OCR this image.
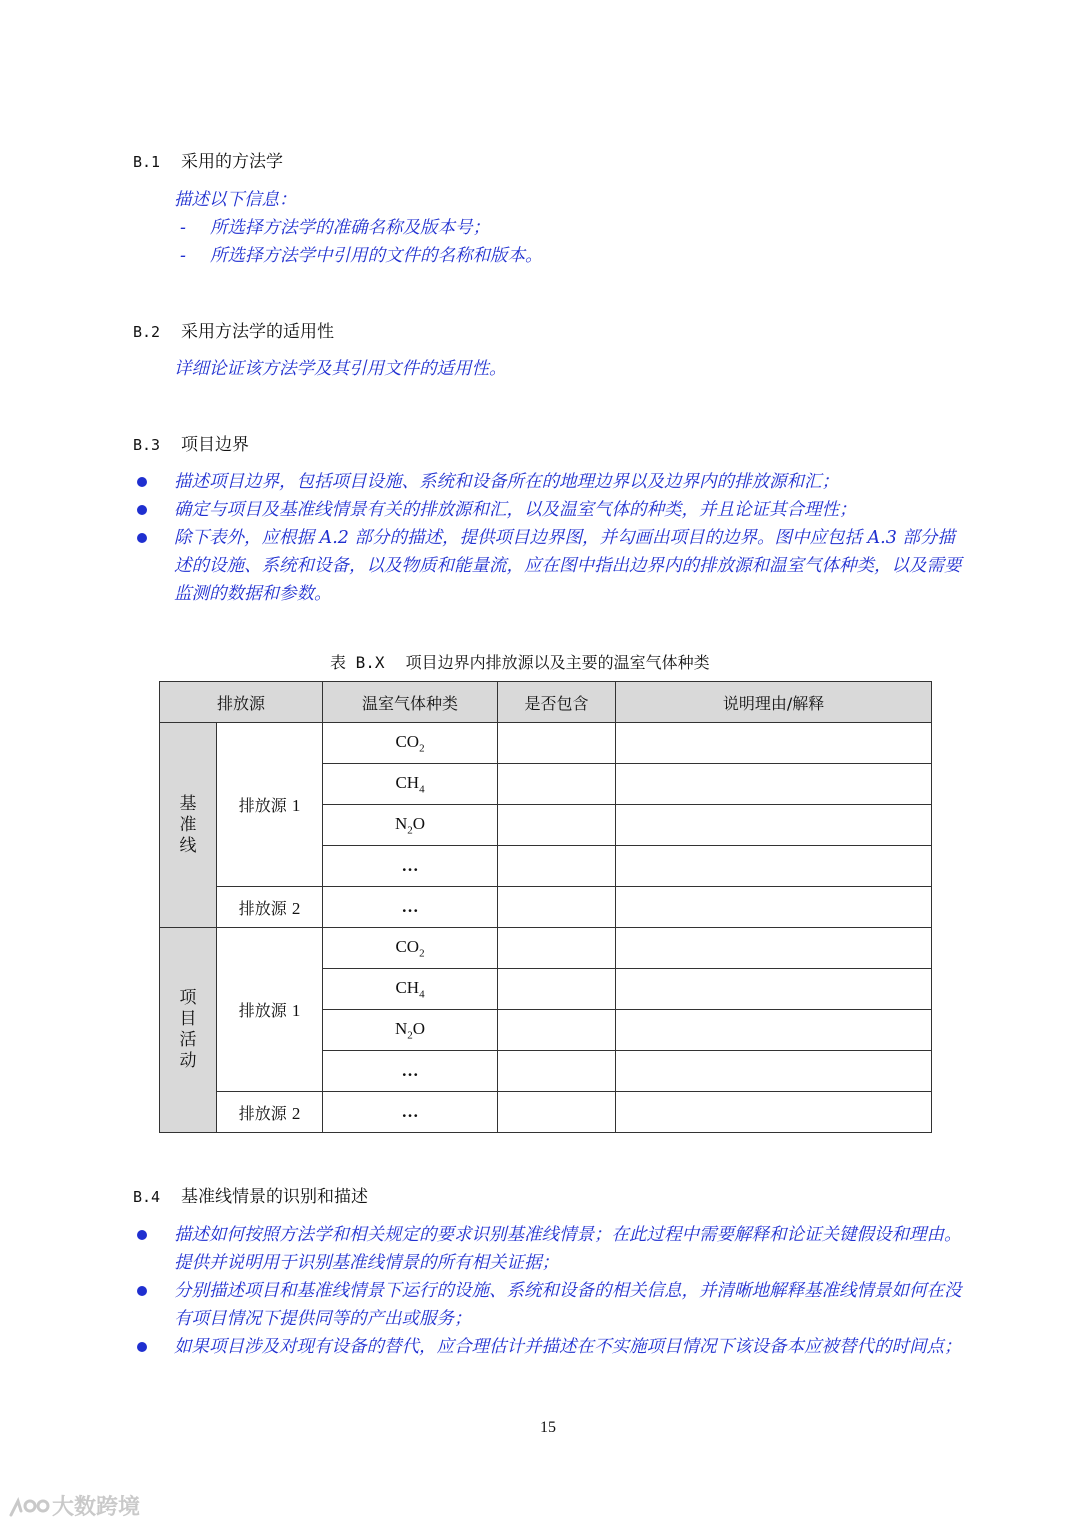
B.1 采用的方法学
描述以下信息：
- 所选择方法学的准确名称及版本号；
- 所选择方法学中引用的文件的名称和版本。
B.2 采用方法学的适用性
详细论证该方法学及其引用文件的适用性。
B.3 项目边界
描述项目边界，包括项目设施、系统和设备所在的地理边界以及边界内的排放源和汇；
确定与项目及基准线情景有关的排放源和汇，以及温室气体的种类，并且论证其合理性；
除下表外，应根据 A.2 部分的描述，提供项目边界图，并勾画出项目的边界。图中应包括 A.3 部分描述的设施、系统和设备，以及物质和能量流，应在图中指出边界内的排放源和温室气体种类，以及需要监测的数据和参数。
表 B.X 项目边界内排放源以及主要的温室气体种类
排放源		温室气体种类	是否包含	说明理由/解释
基准线	排放源 1	$CO_2$		
		$CH_4$		
		$N_2O$		
		…		
	排放源 2	…		
项目活动	排放源 1	$CO_2$		
		$CH_4$		
		$N_2O$		
		…		
	排放源 2	…		
B.4 基准线情景的识别和描述
描述如何按照方法学和相关规定的要求识别基准线情景；在此过程中需要解释和论证关键假设和理由。提供并说明用于识别基准线情景的所有相关证据；
分别描述项目和基准线情景下运行的设施、系统和设备的相关信息，并清晰地解释基准线情景如何在没有项目情况下提供同等的产出或服务；
如果项目涉及对现有设备的替代，应合理估计并描述在不实施项目情况下该设备本应被替代的时间点；
15
大数跨境
